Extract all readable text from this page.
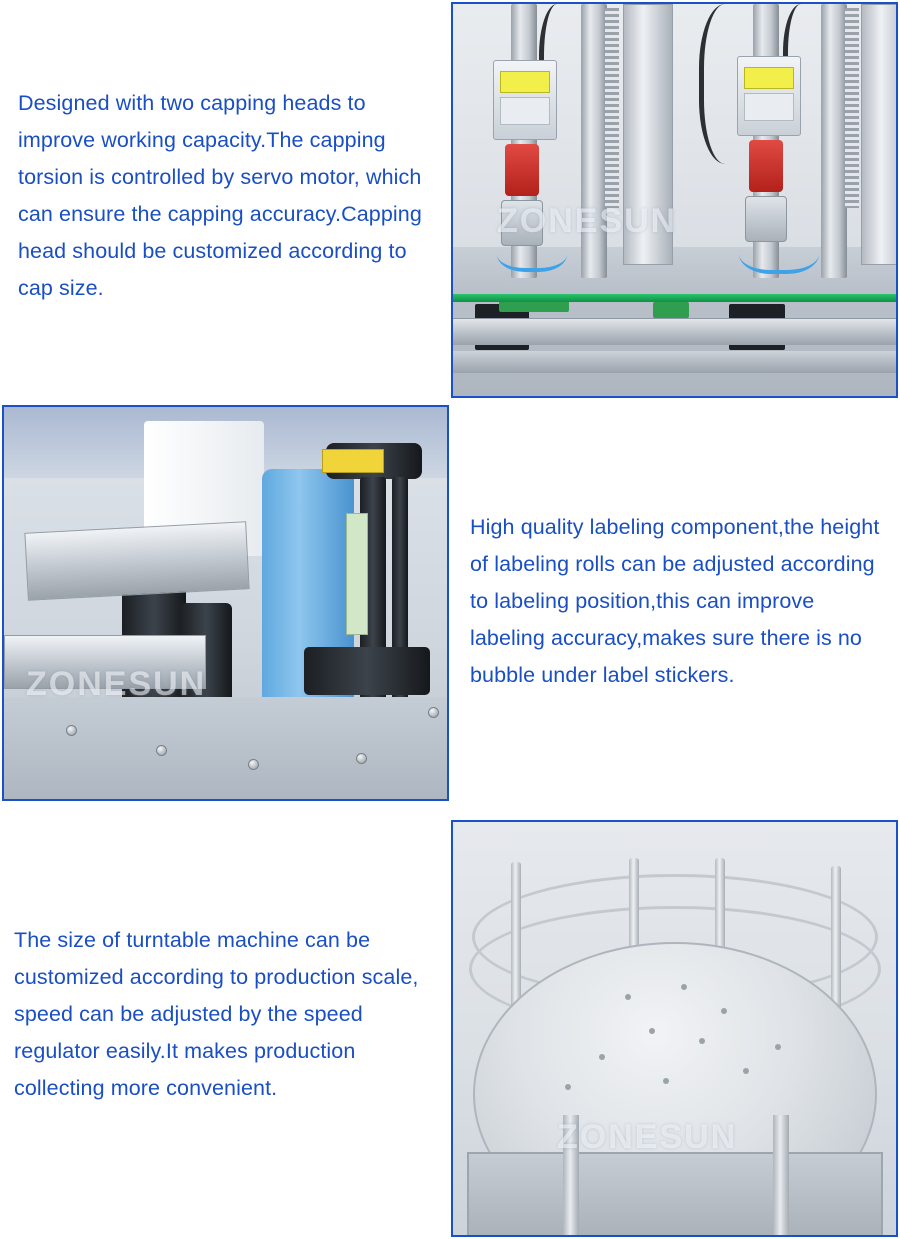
Designed with two capping heads to improve working capacity.The capping torsion is controlled by servo motor, which can ensure the capping accuracy.Capping head should be customized according to cap size.
ZONESUN
ZONESUN
High quality labeling component,the height of labeling rolls can be adjusted according to labeling position,this can improve labeling accuracy,makes sure there is no bubble under label stickers.
The size of turntable machine can be customized according to production scale, speed can be adjusted by the speed regulator easily.It makes production collecting more convenient.
ZONESUN
